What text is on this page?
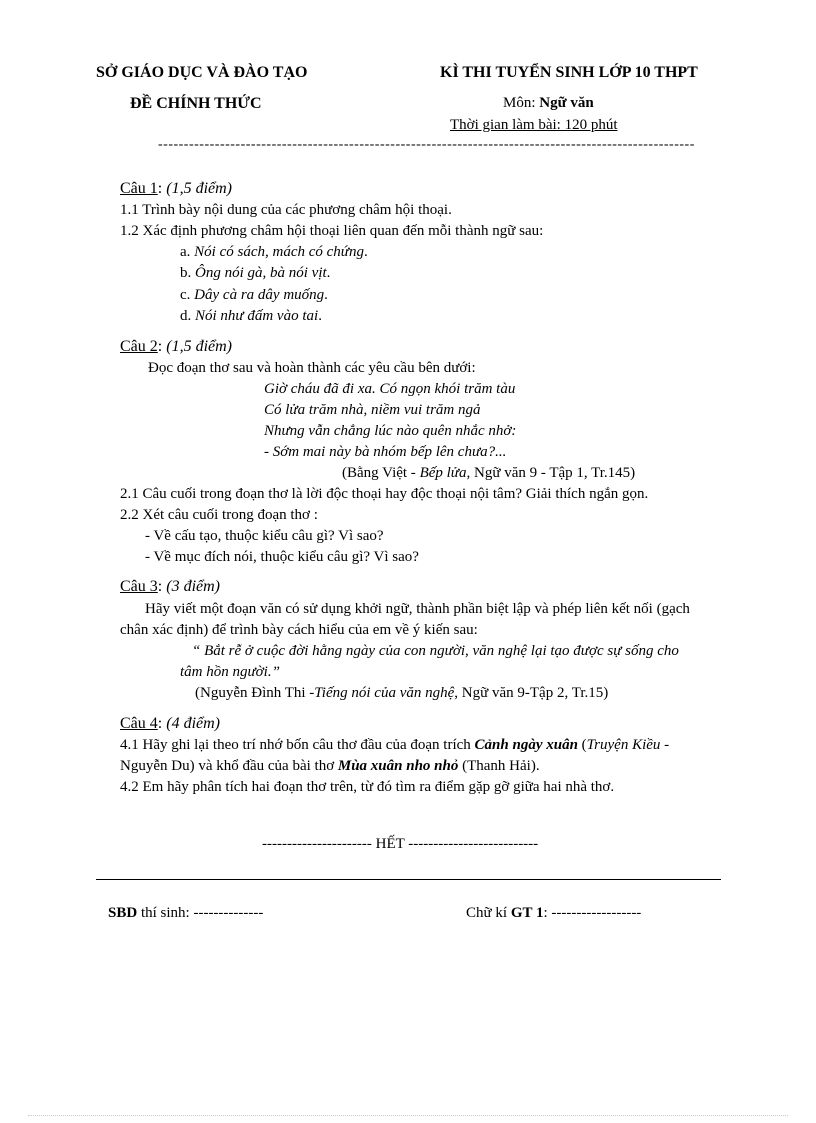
SỞ GIÁO DỤC VÀ ĐÀO TẠO
ĐỀ CHÍNH THỨC
KÌ THI TUYỂN SINH LỚP 10 THPT
Môn: Ngữ văn
Thời gian làm bài: 120 phút
--------------------------------------------------------------------------------------------------------
Câu 1: (1,5 điểm)
1.1 Trình bày nội dung của các phương châm hội thoại.
1.2 Xác định phương châm hội thoại liên quan đến mỗi thành ngữ sau:
a. Nói có sách, mách có chứng.
b. Ông nói gà, bà nói vịt.
c. Dây cà ra dây muống.
d. Nói như đấm vào tai.
Câu 2: (1,5 điểm)
Đọc đoạn thơ sau và hoàn thành các yêu cầu bên dưới:
Giờ cháu đã đi xa. Có ngọn khói trăm tàu
Có lửa trăm nhà, niềm vui trăm ngả
Nhưng vẫn chẳng lúc nào quên nhắc nhở:
- Sớm mai này bà nhóm bếp lên chưa?...
(Bằng Việt - Bếp lửa, Ngữ văn 9 - Tập 1, Tr.145)
2.1 Câu cuối trong đoạn thơ là lời độc thoại hay độc thoại nội tâm? Giải thích ngắn gọn.
2.2 Xét câu cuối trong đoạn thơ :
- Về cấu tạo, thuộc kiểu câu gì? Vì sao?
- Về mục đích nói, thuộc kiểu câu gì? Vì sao?
Câu 3: (3 điểm)
Hãy viết một đoạn văn có sử dụng khởi ngữ, thành phần biệt lập và phép liên kết nối (gạch
chân xác định) để trình bày cách hiểu của em về ý kiến sau:
“ Bắt rễ ở cuộc đời hằng ngày của con người, văn nghệ lại tạo được sự sống cho
tâm hồn người.”
(Nguyễn Đình Thi -Tiếng nói của văn nghệ, Ngữ văn 9-Tập 2, Tr.15)
Câu 4: (4 điểm)
4.1 Hãy ghi lại theo trí nhớ bốn câu thơ đầu của đoạn trích Cảnh ngày xuân (Truyện Kiều -
Nguyễn Du) và khổ đầu của bài thơ Mùa xuân nho nhỏ (Thanh Hải).
4.2 Em hãy phân tích hai đoạn thơ trên, từ đó tìm ra điểm gặp gỡ giữa hai nhà thơ.
---------------------- HẾT --------------------------
SBD thí sinh: --------------	Chữ kí GT 1: ------------------
